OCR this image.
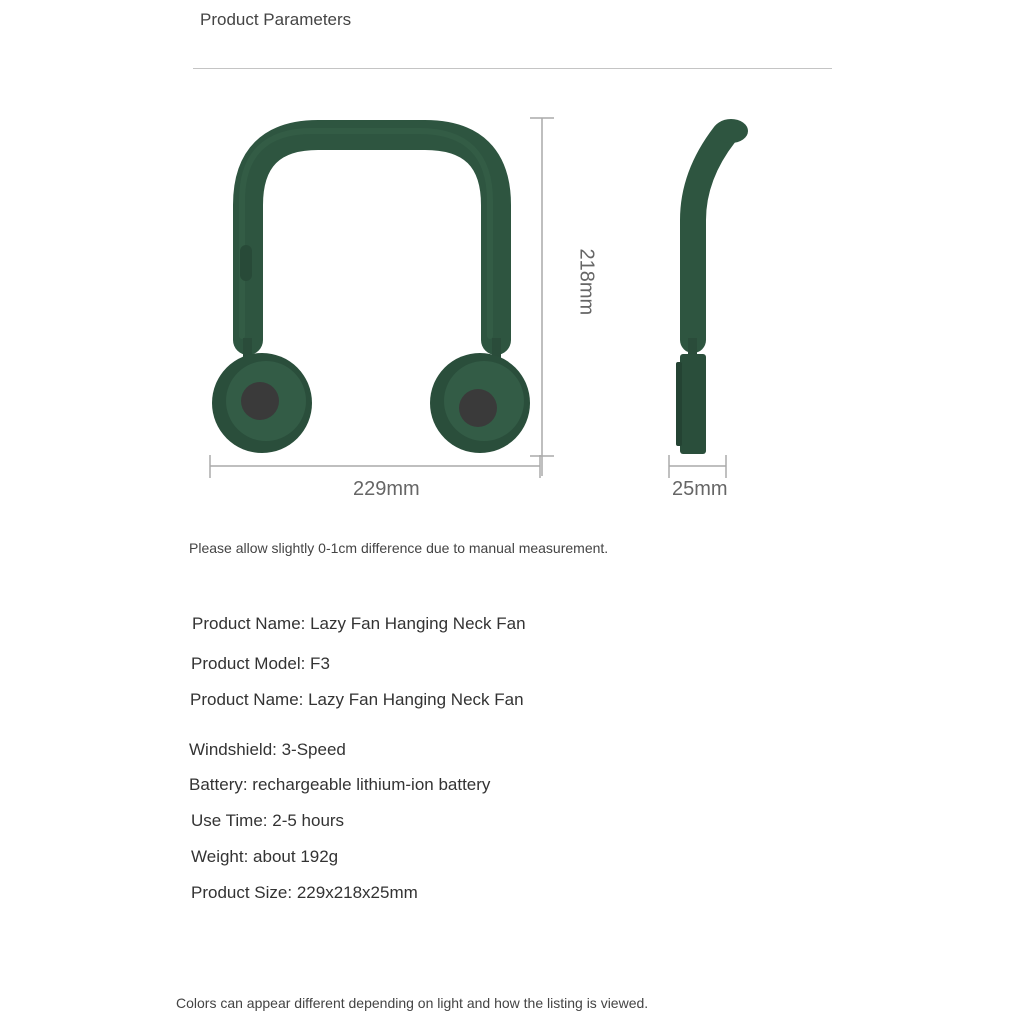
Product Parameters
229mm	25mm
218mm
Please allow slightly 0-1cm difference due to manual measurement.
Product Name: Lazy Fan Hanging Neck Fan
Product Model: F3
Product Name: Lazy Fan Hanging Neck Fan
Windshield: 3-Speed
Battery: rechargeable lithium-ion battery
Use Time: 2-5 hours
Weight: about 192g
Product Size: 229x218x25mm
Colors can appear different depending on light and how the listing is viewed.
